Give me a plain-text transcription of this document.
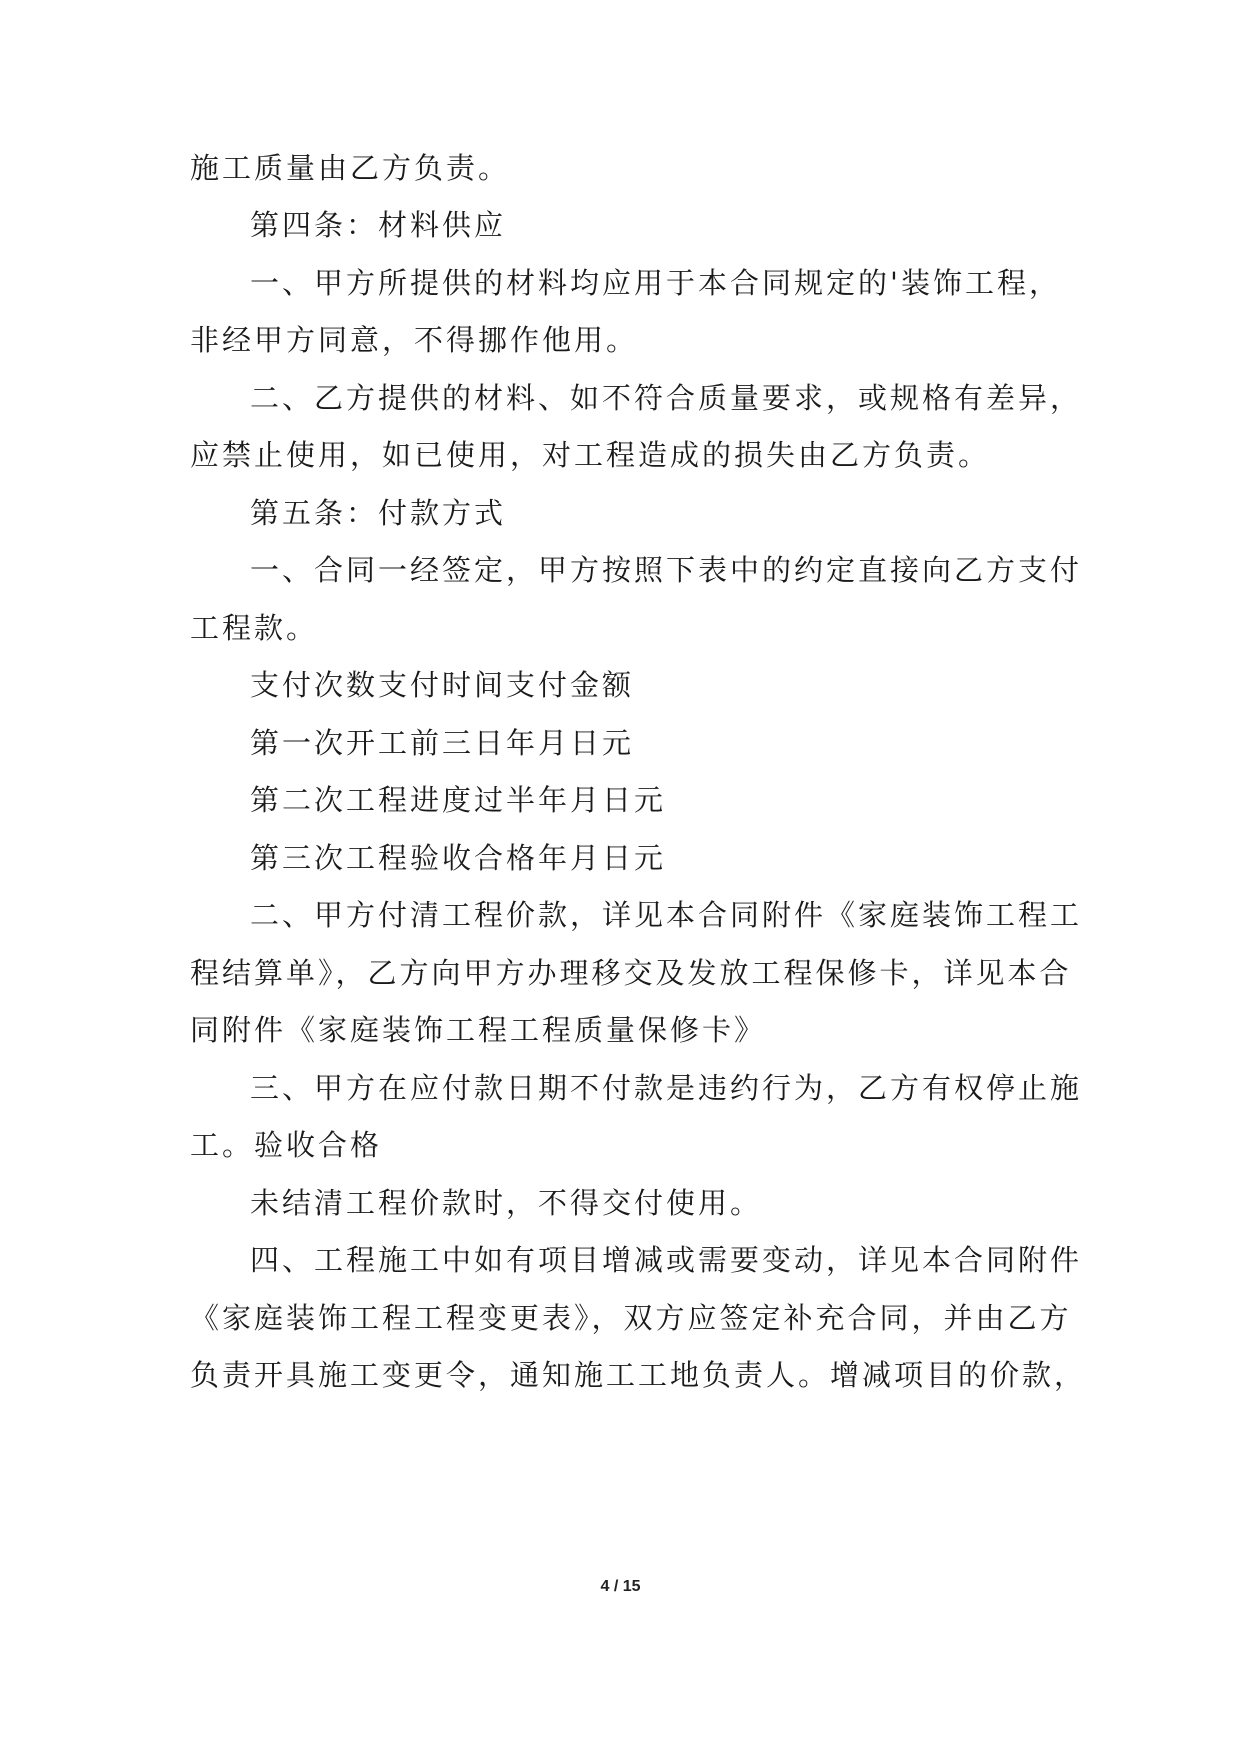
施工质量由乙方负责。
第四条：材料供应
一、甲方所提供的材料均应用于本合同规定的'装饰工程，
非经甲方同意，不得挪作他用。
二、乙方提供的材料、如不符合质量要求，或规格有差异，
应禁止使用，如已使用，对工程造成的损失由乙方负责。
第五条：付款方式
一、合同一经签定，甲方按照下表中的约定直接向乙方支付
工程款。
支付次数支付时间支付金额
第一次开工前三日年月日元
第二次工程进度过半年月日元
第三次工程验收合格年月日元
二、甲方付清工程价款，详见本合同附件《家庭装饰工程工
程结算单》，乙方向甲方办理移交及发放工程保修卡，详见本合
同附件《家庭装饰工程工程质量保修卡》
三、甲方在应付款日期不付款是违约行为，乙方有权停止施
工。验收合格
未结清工程价款时，不得交付使用。
四、工程施工中如有项目增减或需要变动，详见本合同附件
《家庭装饰工程工程变更表》，双方应签定补充合同，并由乙方
负责开具施工变更令，通知施工工地负责人。增减项目的价款，
4 / 15
